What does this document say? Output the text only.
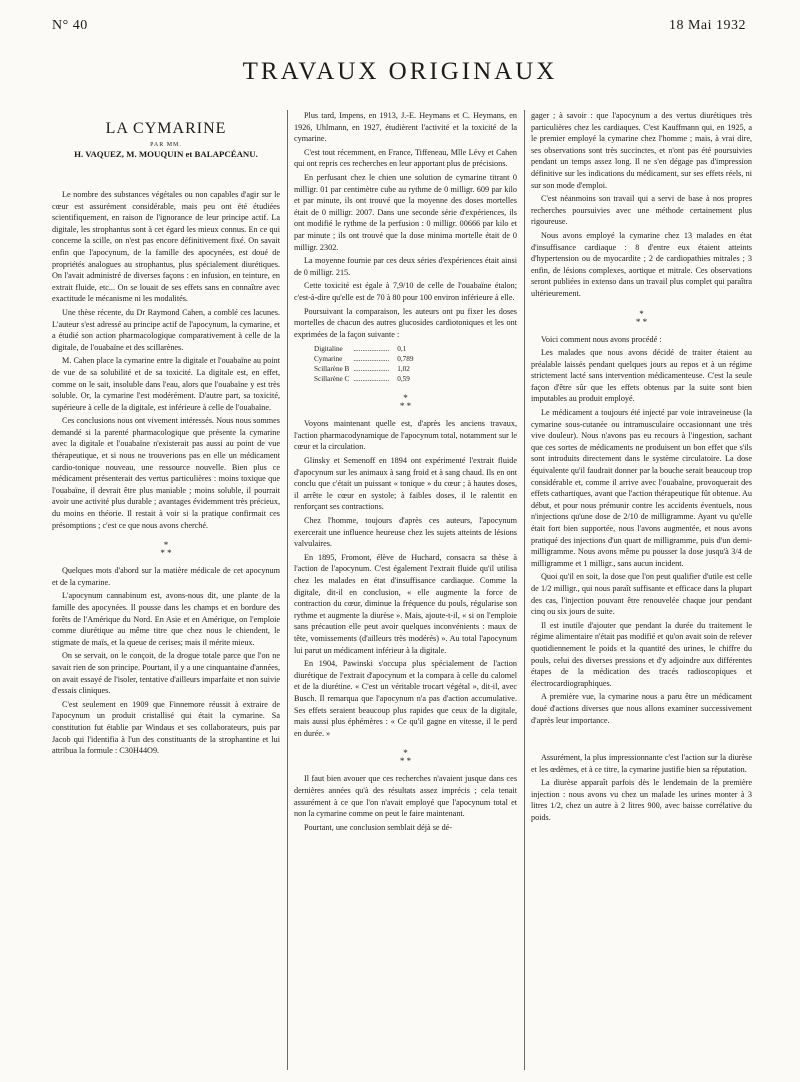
N° 40	18 Mai 1932
TRAVAUX ORIGINAUX
LA CYMARINE
PAR MM.
H. VAQUEZ, M. MOUQUIN et BALAPCÉANU.

Le nombre des substances végétales ou non capables d'agir sur le cœur est assurément considérable, mais peu ont été étudiées scientifiquement, en raison de l'ignorance de leur principe actif. La digitale, les strophantus sont à cet égard les mieux connus. En ce qui concerne la scille, on n'est pas encore définitivement fixé. On savait enfin que l'apocynum, de la famille des apocynées, est doué de propriétés analogues au strophantus, plus spécialement diurétiques. On l'avait administré de diverses façons : en infusion, en teinture, en extrait fluide, etc... On se louait de ses effets sans en connaître avec exactitude le mécanisme ni les modalités.

Une thèse récente, du Dr Raymond Cahen, a comblé ces lacunes. L'auteur s'est adressé au principe actif de l'apocynum, la cymarine, et a étudié son action pharmacologique comparativement à celle de la digitale, de l'ouabaïne et des scillarènes.

M. Cahen place la cymarine entre la digitale et l'ouabaïne au point de vue de sa solubilité et de sa toxicité. La digitale est, en effet, comme on le sait, insoluble dans l'eau, alors que l'ouabaïne y est très soluble. Or, la cymarine l'est modérément. D'autre part, sa toxicité, supérieure à celle de la digitale, est inférieure à celle de l'ouabaïne.

Ces conclusions nous ont vivement intéressés. Nous nous sommes demandé si la parenté pharmacologique que présente la cymarine avec la digitale et l'ouabaïne n'existerait pas aussi au point de vue thérapeutique, et si nous ne trouverions pas en elle un médicament cardio-tonique nouveau, une ressource nouvelle. Bien plus ce médicament présenterait des vertus particulières : moins toxique que l'ouabaïne, il devrait être plus maniable ; moins soluble, il pourrait avoir une activité plus durable ; avantages évidemment très précieux, du moins en théorie. Il restait à voir si la pratique confirmait ces présomptions ; c'est ce que nous avons cherché.

*
* *

Quelques mots d'abord sur la matière médicale de cet apocynum et de la cymarine.

L'apocynum cannabinum est, avons-nous dit, une plante de la famille des apocynées. Il pousse dans les champs et en bordure des forêts de l'Amérique du Nord. En Asie et en Amérique, on l'emploie comme diurétique au même titre que chez nous le chiendent, le stigmate de maïs, et la queue de cerises; mais il mérite mieux.

On se servait, on le conçoit, de la drogue totale parce que l'on ne savait rien de son principe. Pourtant, il y a une cinquantaine d'années, on avait essayé de l'isoler, tentative d'ailleurs imparfaite et non suivie d'essais cliniques.

C'est seulement en 1909 que Finnemore réussit à extraire de l'apocynum un produit cristallisé qui était la cymarine. Sa constitution fut établie par Windaus et ses collaborateurs, puis par Jacob qui l'identifia à l'un des constituants de la strophantine et lui attribua la formule : C30H44O9.

Plus tard, Impens, en 1913, J.-E. Heymans et C. Heymans, en 1926, Uhlmann, en 1927, étudièrent l'activité et la toxicité de la cymarine.

C'est tout récemment, en France, Tiffeneau, Mlle Lévy et Cahen qui ont repris ces recherches en leur apportant plus de précisions.

En perfusant chez le chien une solution de cymarine titrant 0 milligr. 01 par centimètre cube au rythme de 0 milligr. 609 par kilo et par minute, ils ont trouvé que la moyenne des doses mortelles était de 0 milligr. 2007. Dans une seconde série d'expériences, ils ont modifié le rythme de la perfusion : 0 milligr. 00666 par kilo et par minute ; ils ont trouvé que la dose minima mortelle était de 0 milligr. 2302.

La moyenne fournie par ces deux séries d'expériences était ainsi de 0 milligr. 215.

Cette toxicité est égale à 7,9/10 de celle de l'ouabaïne étalon; c'est-à-dire qu'elle est de 70 à 80 pour 100 environ inférieure à elle.

Poursuivant la comparaison, les auteurs ont pu fixer les doses mortelles de chacun des autres glucosides cardiotoniques et les ont exprimées de la façon suivante :

Digitaline	....................	0,1
Cymarine	....................	0,789
Scillarène B	....................	1,02
Scillarène C	....................	0,59
*
* *

Voyons maintenant quelle est, d'après les anciens travaux, l'action pharmacodynamique de l'apocynum total, notamment sur le cœur et la circulation.

Glinsky et Semenoff en 1894 ont expérimenté l'extrait fluide d'apocynum sur les animaux à sang froid et à sang chaud. Ils en ont conclu que c'était un puissant « tonique » du cœur ; à hautes doses, il arrête le cœur en systole; à faibles doses, il le ralentit en renforçant ses contractions.

Chez l'homme, toujours d'après ces auteurs, l'apocynum exercerait une influence heureuse chez les sujets atteints de lésions valvulaires.

En 1895, Fromont, élève de Huchard, consacra sa thèse à l'action de l'apocynum. C'est également l'extrait fluide qu'il utilisa chez les malades en état d'insuffisance cardiaque. Comme la digitale, dit-il en conclusion, « elle augmente la force de contraction du cœur, diminue la fréquence du pouls, régularise son rythme et augmente la diurèse ». Mais, ajoute-t-il, « si on l'emploie sans précaution elle peut avoir quelques inconvénients : maux de tête, vomissements (d'ailleurs très modérés) ». Au total l'apocynum lui parut un médicament inférieur à la digitale.

En 1904, Pawinski s'occupa plus spécialement de l'action diurétique de l'extrait d'apocynum et la compara à celle du calomel et de la diurétine. « C'est un véritable trocart végétal », dit-il, avec Busch. Il remarqua que l'apocynum n'a pas d'action accumulative. Ses effets seraient beaucoup plus rapides que ceux de la digitale, mais aussi plus éphémères : « Ce qu'il gagne en vitesse, il le perd en durée. »

*
* *

Il faut bien avouer que ces recherches n'avaient jusque dans ces dernières années qu'à des résultats assez imprécis ; cela tenait assurément à ce que l'on n'avait employé que l'apocynum total et non la cymarine comme on peut le faire maintenant.

Pourtant, une conclusion semblait déjà se dé-

gager ; à savoir : que l'apocynum a des vertus diurétiques très particulières chez les cardiaques. C'est Kauffmann qui, en 1925, a le premier employé la cymarine chez l'homme ; mais, à vrai dire, ses observations sont très succinctes, et n'ont pas été poursuivies pendant un temps assez long. Il ne s'en dégage pas d'impression définitive sur les indications du médicament, sur ses effets réels, ni sur son mode d'emploi.

C'est néanmoins son travail qui a servi de base à nos propres recherches poursuivies avec une méthode certainement plus rigoureuse.

Nous avons employé la cymarine chez 13 malades en état d'insuffisance cardiaque : 8 d'entre eux étaient atteints d'hypertension ou de myocardite ; 2 de cardiopathies mitrales ; 3 enfin, de lésions complexes, aortique et mitrale. Ces observations seront publiées in extenso dans un travail plus complet qui paraîtra ultérieurement.

*
* *

Voici comment nous avons procédé :

Les malades que nous avons décidé de traiter étaient au préalable laissés pendant quelques jours au repos et à un régime strictement lacté sans intervention médicamenteuse. C'est la seule façon d'être sûr que les effets obtenus par la suite sont bien imputables au produit employé.

Le médicament a toujours été injecté par voie intraveineuse (la cymarine sous-cutanée ou intramusculaire occasionnant une très vive douleur). Nous n'avons pas eu recours à l'ingestion, sachant que ces sortes de médicaments ne produisent un bon effet que s'ils sont introduits directement dans le système circulatoire. La dose équivalente qu'il faudrait donner par la bouche serait beaucoup trop considérable et, comme il arrive avec l'ouabaïne, provoquerait des effets cathartiques, avant que l'action thérapeutique fût obtenue. Au début, et pour nous prémunir contre les accidents éventuels, nous n'injections qu'une dose de 2/10 de milligramme. Ayant vu qu'elle était fort bien supportée, nous l'avons augmentée, et nous avons pratiqué des injections d'un quart de milligramme, puis d'un demi-milligramme. Nous avons même pu pousser la dose jusqu'à 3/4 de milligramme et 1 milligr., sans aucun incident.

Quoi qu'il en soit, la dose que l'on peut qualifier d'utile est celle de 1/2 milligr., qui nous paraît suffisante et efficace dans la plupart des cas, l'injection pouvant être renouvelée chaque jour pendant cinq ou six jours de suite.

Il est inutile d'ajouter que pendant la durée du traitement le régime alimentaire n'était pas modifié et qu'on avait soin de relever quotidiennement le poids et la quantité des urines, le chiffre du pouls, celui des diverses pressions et d'y adjoindre aux différentes étapes de la médication des tracés radioscopiques et électrocardiographiques.

A première vue, la cymarine nous a paru être un médicament doué d'actions diverses que nous allons examiner successivement d'après leur importance.

Assurément, la plus impressionnante c'est l'action sur la diurèse et les œdèmes, et à ce titre, la cymarine justifie bien sa réputation.

La diurèse apparaît parfois dès le lendemain de la première injection : nous avons vu chez un malade les urines monter à 3 litres 1/2, chez un autre à 2 litres 900, avec baisse corrélative du poids.
